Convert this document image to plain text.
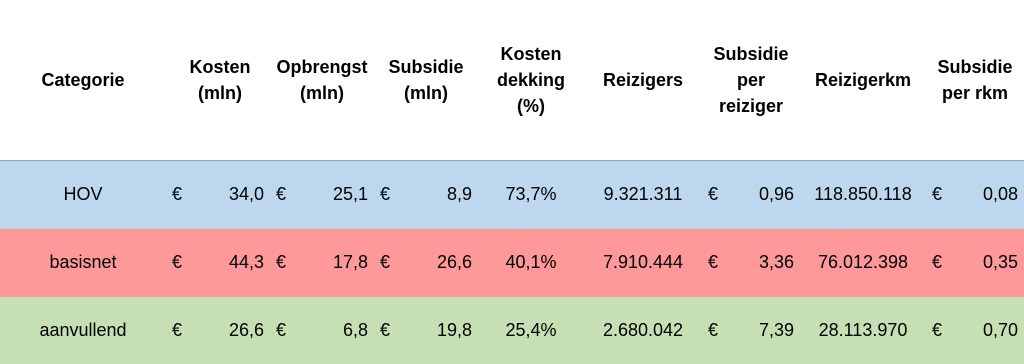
Categorie	Kosten (mln)		Opbrengst (mln)		Subsidie (mln)		Kosten dekking (%)	Reizigers	Subsidie per reiziger		Reizigerkm	Subsidie per rkm	

HOV	€	34,0	€	25,1	€	8,9	73,7%	9.321.311	€	0,96	118.850.118	€	0,08
basisnet	€	44,3	€	17,8	€	26,6	40,1%	7.910.444	€	3,36	76.012.398	€	0,35
aanvullend	€	26,6	€	6,8	€	19,8	25,4%	2.680.042	€	7,39	28.113.970	€	0,70
